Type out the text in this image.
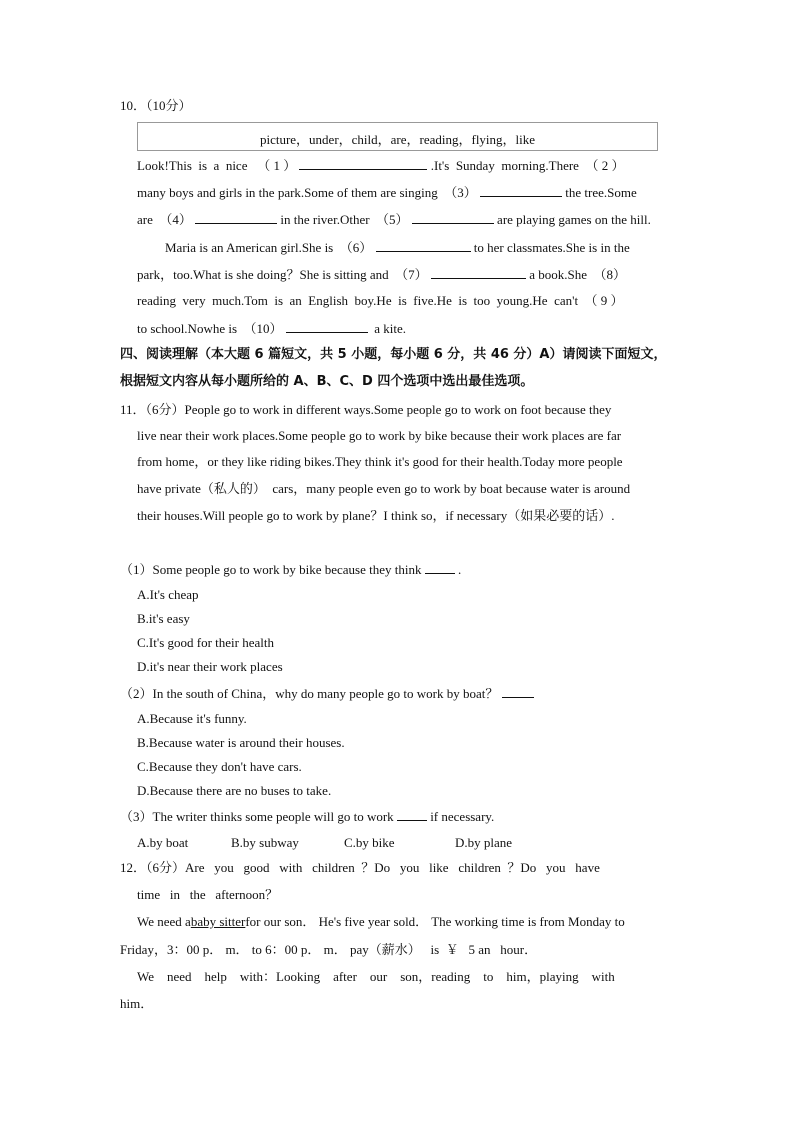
10．（10分）
picture，under，child，are，reading，flying，like
Look!This  is  a  nice   （ 1 ）	.It's  Sunday  morning.There  （ 2 ）
many boys and girls in the park.Some of them are singing  （3）	the tree.Some
are  （4）	in the river.Other  （5）	are playing games on the hill.
Maria is an American girl.She is  （6）	to her classmates.She is in the
park，too.What is she doing？She is sitting and  （7）	a book.She  （8）
reading  very  much.Tom  is  an  English  boy.He  is  five.He  is  too  young.He  can't  （ 9 ）
to school.Nowhe is  （10）	a kite.
四、阅读理解（本大题 6 篇短文，共 5 小题，每小题 6 分，共 46 分）A）请阅读下面短文，
根据短文内容从每小题所给的 A、B、C、D 四个选项中选出最佳选项。
11．（6分）People go to work in different ways.Some people go to work on foot because they
live near their work places.Some people go to work by bike because their work places are far
from home，or they like riding bikes.They think it's good for their health.Today more people
have private（私人的）  cars，many people even go to work by boat because water is around
their houses.Will people go to work by plane？I think so，if necessary（如果必要的话）.
（1）Some people go to work by bike because they think  .
A.It's cheap
B.it's easy
C.It's good for their health
D.it's near their work places
（2）In the south of China，why do many people go to work by boat？
A.Because it's funny.
B.Because water is around their houses.
C.Because they don't have cars.
D.Because there are no buses to take.
（3）The writer thinks some people will go to work  if necessary.
A.by boat	B.by subway	C.by bike	D.by plane
12．（6分）Are   you   good   with   children  ？Do   you   like   children  ？Do   you   have
time   in   the   afternoon？
We need ababy sitterfor our son． He's five year sold． The working time is from Monday to
Friday，3：00 p． m． to 6：00 p． m． pay（薪水）   is  ￥   5 an   hour．
We    need    help    with：Looking    after    our    son，reading    to    him，playing    with
him．
